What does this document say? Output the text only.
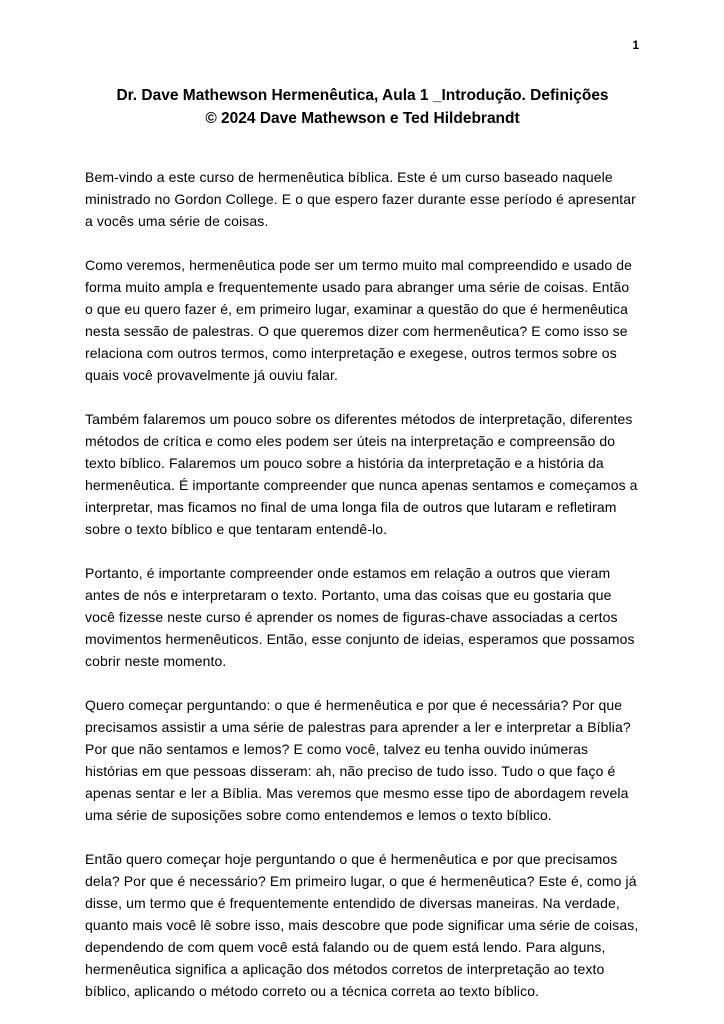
1
Dr. Dave Mathewson Hermenêutica, Aula 1 _Introdução. Definições
© 2024 Dave Mathewson e Ted Hildebrandt

Bem-vindo a este curso de hermenêutica bíblica. Este é um curso baseado naquele ministrado no Gordon College. E o que espero fazer durante esse período é apresentar a vocês uma série de coisas.

Como veremos, hermenêutica pode ser um termo muito mal compreendido e usado de forma muito ampla e frequentemente usado para abranger uma série de coisas. Então o que eu quero fazer é, em primeiro lugar, examinar a questão do que é hermenêutica nesta sessão de palestras. O que queremos dizer com hermenêutica? E como isso se relaciona com outros termos, como interpretação e exegese, outros termos sobre os quais você provavelmente já ouviu falar.

Também falaremos um pouco sobre os diferentes métodos de interpretação, diferentes métodos de crítica e como eles podem ser úteis na interpretação e compreensão do texto bíblico. Falaremos um pouco sobre a história da interpretação e a história da hermenêutica. É importante compreender que nunca apenas sentamos e começamos a interpretar, mas ficamos no final de uma longa fila de outros que lutaram e refletiram sobre o texto bíblico e que tentaram entendê-lo.

Portanto, é importante compreender onde estamos em relação a outros que vieram antes de nós e interpretaram o texto. Portanto, uma das coisas que eu gostaria que você fizesse neste curso é aprender os nomes de figuras-chave associadas a certos movimentos hermenêuticos. Então, esse conjunto de ideias, esperamos que possamos cobrir neste momento.

Quero começar perguntando: o que é hermenêutica e por que é necessária? Por que precisamos assistir a uma série de palestras para aprender a ler e interpretar a Bíblia? Por que não sentamos e lemos? E como você, talvez eu tenha ouvido inúmeras histórias em que pessoas disseram: ah, não preciso de tudo isso. Tudo o que faço é apenas sentar e ler a Bíblia. Mas veremos que mesmo esse tipo de abordagem revela uma série de suposições sobre como entendemos e lemos o texto bíblico.

Então quero começar hoje perguntando o que é hermenêutica e por que precisamos dela? Por que é necessário? Em primeiro lugar, o que é hermenêutica? Este é, como já disse, um termo que é frequentemente entendido de diversas maneiras. Na verdade, quanto mais você lê sobre isso, mais descobre que pode significar uma série de coisas, dependendo de com quem você está falando ou de quem está lendo. Para alguns, hermenêutica significa a aplicação dos métodos corretos de interpretação ao texto bíblico, aplicando o método correto ou a técnica correta ao texto bíblico.
